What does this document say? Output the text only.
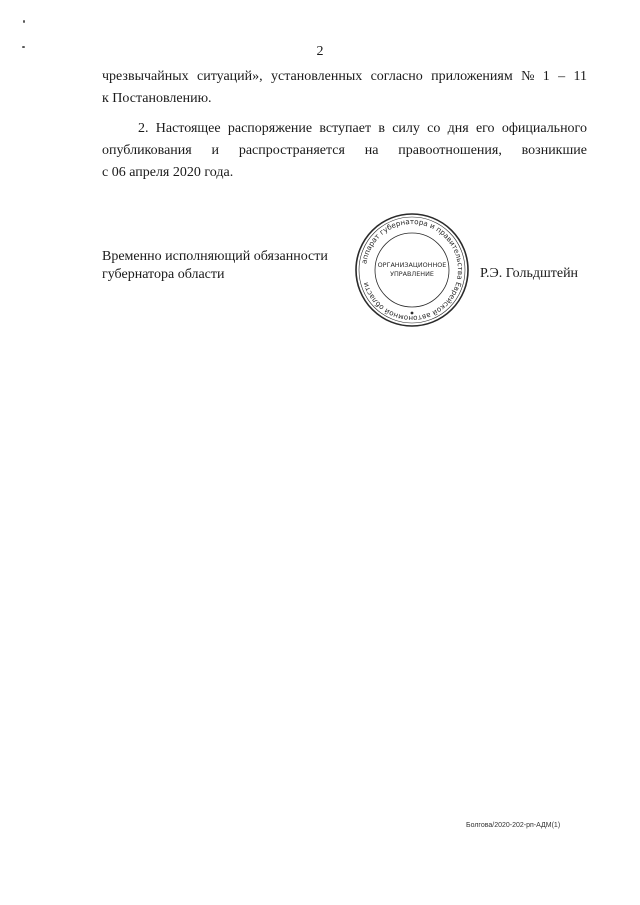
2
чрезвычайных ситуаций», установленных согласно приложениям № 1 – 11
к Постановлению.
2. Настоящее распоряжение вступает в силу со дня его официального
опубликования и распространяется на правоотношения, возникшие
с 06 апреля 2020 года.
Временно исполняющий обязанности
губернатора области
аппарат губернатора и правительства Еврейской автономной области
ОРГАНИЗАЦИОННОЕ
УПРАВЛЕНИЕ	Р.Э. Гольдштейн
Болгова/2020-202-рп-АДМ(1)
